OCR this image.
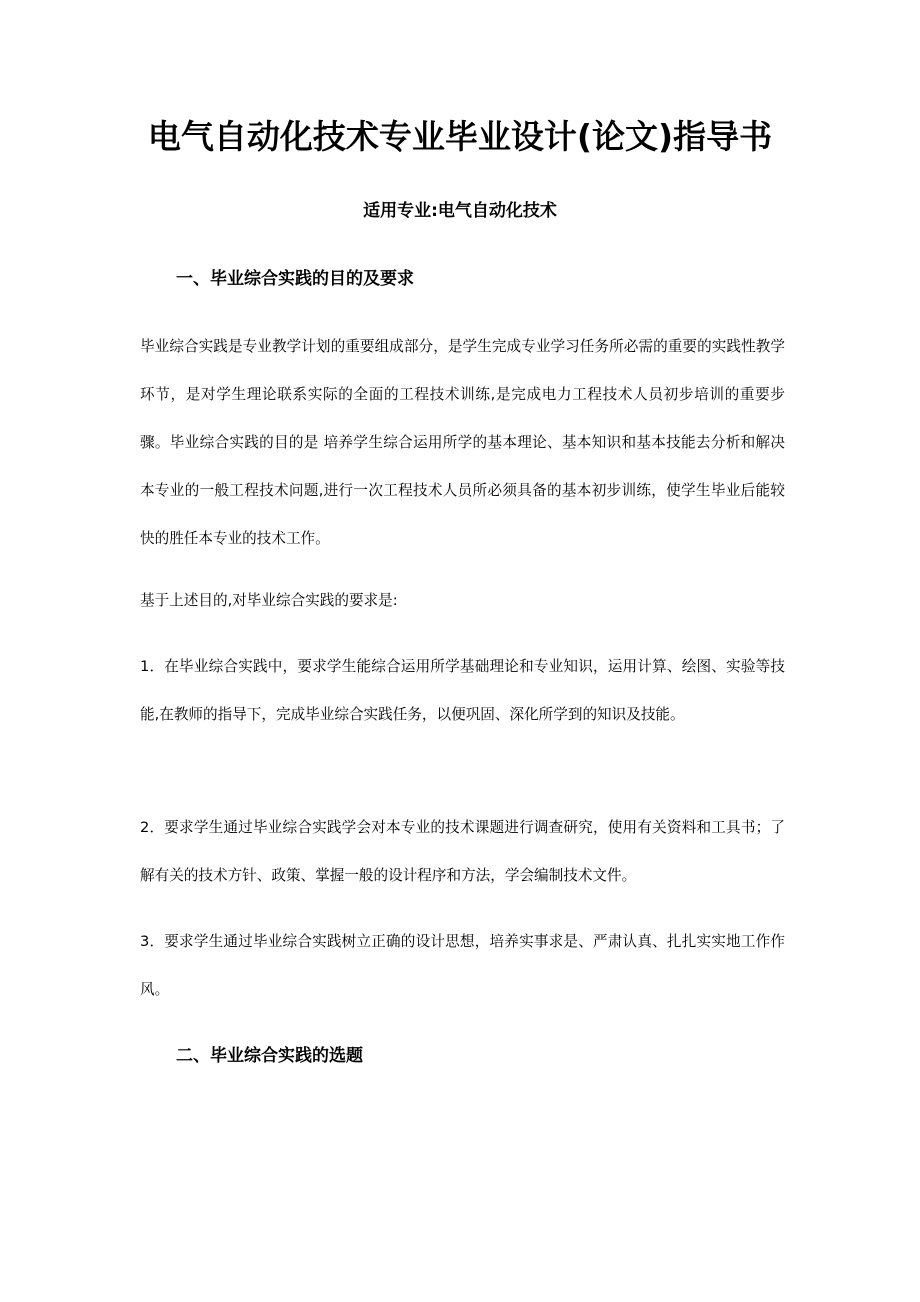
电气自动化技术专业毕业设计(论文)指导书
适用专业:电气自动化技术
一、毕业综合实践的目的及要求

毕业综合实践是专业教学计划的重要组成部分，是学生完成专业学习任务所必需的重要的实践性教学环节，是对学生理论联系实际的全面的工程技术训练,是完成电力工程技术人员初步培训的重要步骤。毕业综合实践的目的是 培养学生综合运用所学的基本理论、基本知识和基本技能去分析和解决本专业的一般工程技术问题,进行一次工程技术人员所必须具备的基本初步训练，使学生毕业后能较快的胜任本专业的技术工作。

基于上述目的,对毕业综合实践的要求是:

1．在毕业综合实践中，要求学生能综合运用所学基础理论和专业知识，运用计算、绘图、实验等技能,在教师的指导下，完成毕业综合实践任务，以便巩固、深化所学到的知识及技能。

2．要求学生通过毕业综合实践学会对本专业的技术课题进行调查研究，使用有关资料和工具书；了解有关的技术方针、政策、掌握一般的设计程序和方法，学会编制技术文件。

3．要求学生通过毕业综合实践树立正确的设计思想，培养实事求是、严肃认真、扎扎实实地工作作风。

二、毕业综合实践的选题
